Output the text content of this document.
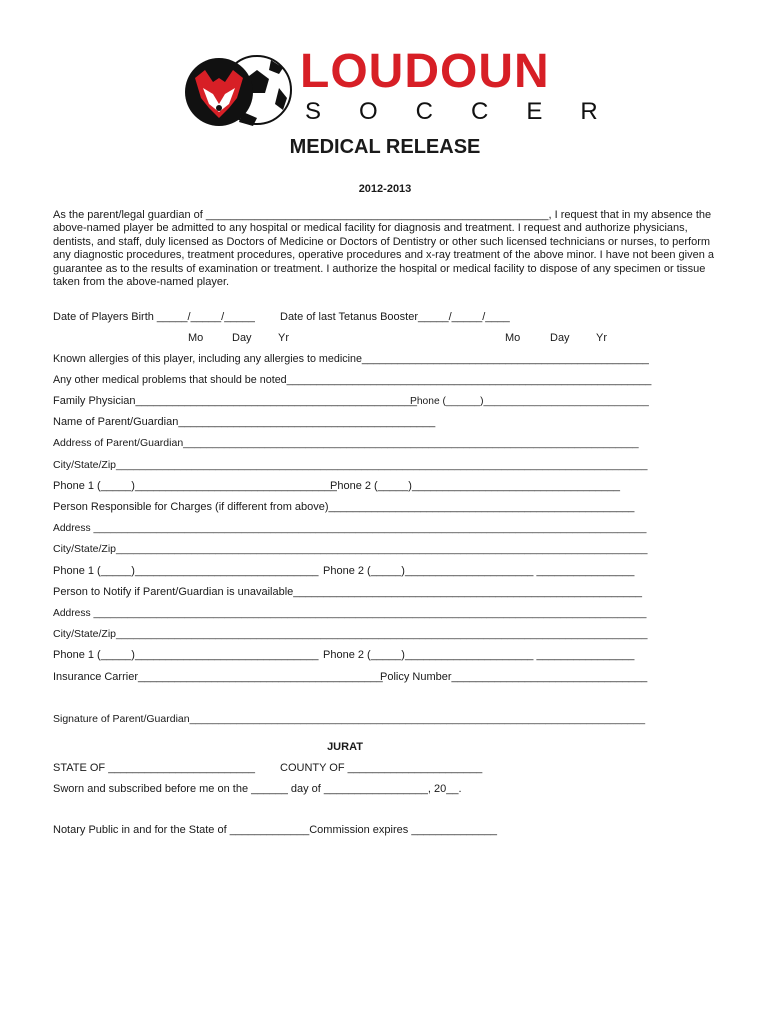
LOUDOUN
SOCCER
MEDICAL RELEASE
2012-2013
As the parent/legal guardian of ________________________________________________________, I request that in my absence the above-named player be admitted to any hospital or medical facility for diagnosis and treatment. I request and authorize physicians, dentists, and staff, duly licensed as Doctors of Medicine or Doctors of Dentistry or other such licensed technicians or nurses, to perform any diagnostic procedures, treatment procedures, operative procedures and x-ray treatment of the above minor. I have not been given a guarantee as to the results of examination or treatment. I authorize the hospital or medical facility to dispose of any specimen or tissue taken from the above-named player.
Date of Players Birth _____/_____/_____ Date of last Tetanus Booster_____/_____/____
Mo	Day Yr	Mo	Day Yr
Known allergies of this player, including any allergies to medicine________________________________________________
Any other medical problems that should be noted_____________________________________________________________
Family Physician______________________________________________
Phone (______)_____________________________
Name of Parent/Guardian__________________________________________
Address of Parent/Guardian______________________________________________________________________________
City/State/Zip___________________________________________________________________________________________
Phone 1 (_____)_________________________________
Phone 2 (_____)__________________________________
Person Responsible for Charges (if different from above)__________________________________________________
Address _________________________________________________________________________________________________
City/State/Zip___________________________________________________________________________________________
Phone 1 (_____)______________________________ Phone 2 (_____)_____________________ ________________
Person to Notify if Parent/Guardian is unavailable_________________________________________________________
Address _________________________________________________________________________________________________
City/State/Zip___________________________________________________________________________________________
Phone 1 (_____)______________________________ Phone 2 (_____)_____________________ ________________
Insurance Carrier________________________________________
Policy Number________________________________
Signature of Parent/Guardian______________________________________________________________________________
JURAT
STATE OF ________________________ COUNTY OF ______________________
Sworn and subscribed before me on the ______ day of _________________, 20__.
Notary Public in and for the State of _____________Commission expires ______________
